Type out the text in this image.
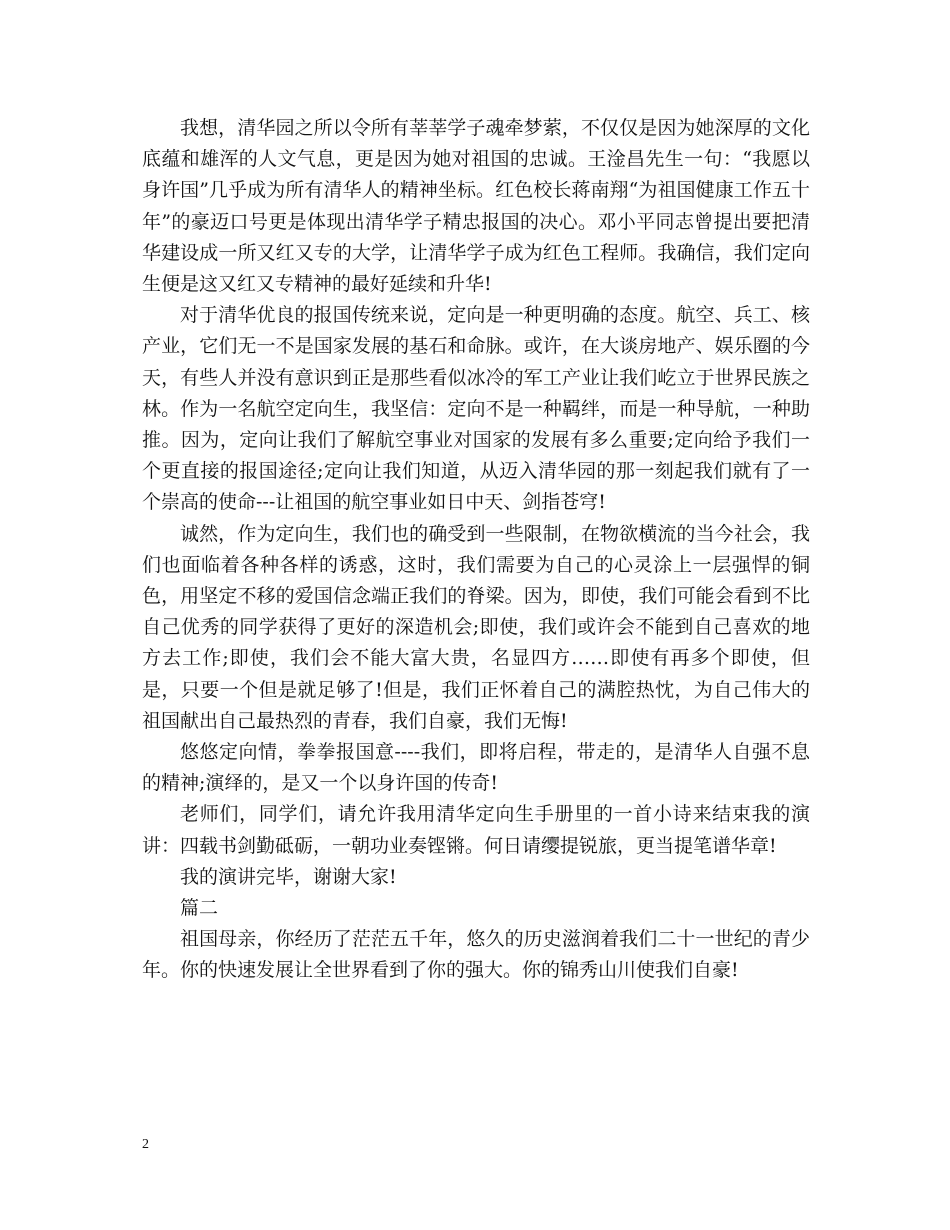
我想，清华园之所以令所有莘莘学子魂牵梦萦，不仅仅是因为她深厚的文化底蕴和雄浑的人文气息，更是因为她对祖国的忠诚。王淦昌先生一句：“我愿以身许国”几乎成为所有清华人的精神坐标。红色校长蒋南翔“为祖国健康工作五十年”的豪迈口号更是体现出清华学子精忠报国的决心。邓小平同志曾提出要把清华建设成一所又红又专的大学，让清华学子成为红色工程师。我确信，我们定向生便是这又红又专精神的最好延续和升华!

对于清华优良的报国传统来说，定向是一种更明确的态度。航空、兵工、核产业，它们无一不是国家发展的基石和命脉。或许，在大谈房地产、娱乐圈的今天，有些人并没有意识到正是那些看似冰冷的军工产业让我们屹立于世界民族之林。作为一名航空定向生，我坚信：定向不是一种羁绊，而是一种导航，一种助推。因为，定向让我们了解航空事业对国家的发展有多么重要;定向给予我们一个更直接的报国途径;定向让我们知道，从迈入清华园的那一刻起我们就有了一个崇高的使命---让祖国的航空事业如日中天、剑指苍穹!

诚然，作为定向生，我们也的确受到一些限制，在物欲横流的当今社会，我们也面临着各种各样的诱惑，这时，我们需要为自己的心灵涂上一层强悍的铜色，用坚定不移的爱国信念端正我们的脊梁。因为，即使，我们可能会看到不比自己优秀的同学获得了更好的深造机会;即使，我们或许会不能到自己喜欢的地方去工作;即使，我们会不能大富大贵，名显四方……即使有再多个即使，但是，只要一个但是就足够了!但是，我们正怀着自己的满腔热忱，为自己伟大的祖国献出自己最热烈的青春，我们自豪，我们无悔!

悠悠定向情，拳拳报国意----我们，即将启程，带走的，是清华人自强不息的精神;演绎的，是又一个以身许国的传奇!

老师们，同学们，请允许我用清华定向生手册里的一首小诗来结束我的演讲：四载书剑勤砥砺，一朝功业奏铿锵。何日请缨提锐旅，更当提笔谱华章!

我的演讲完毕，谢谢大家!

篇二

祖国母亲，你经历了茫茫五千年，悠久的历史滋润着我们二十一世纪的青少年。你的快速发展让全世界看到了你的强大。你的锦秀山川使我们自豪!

2
